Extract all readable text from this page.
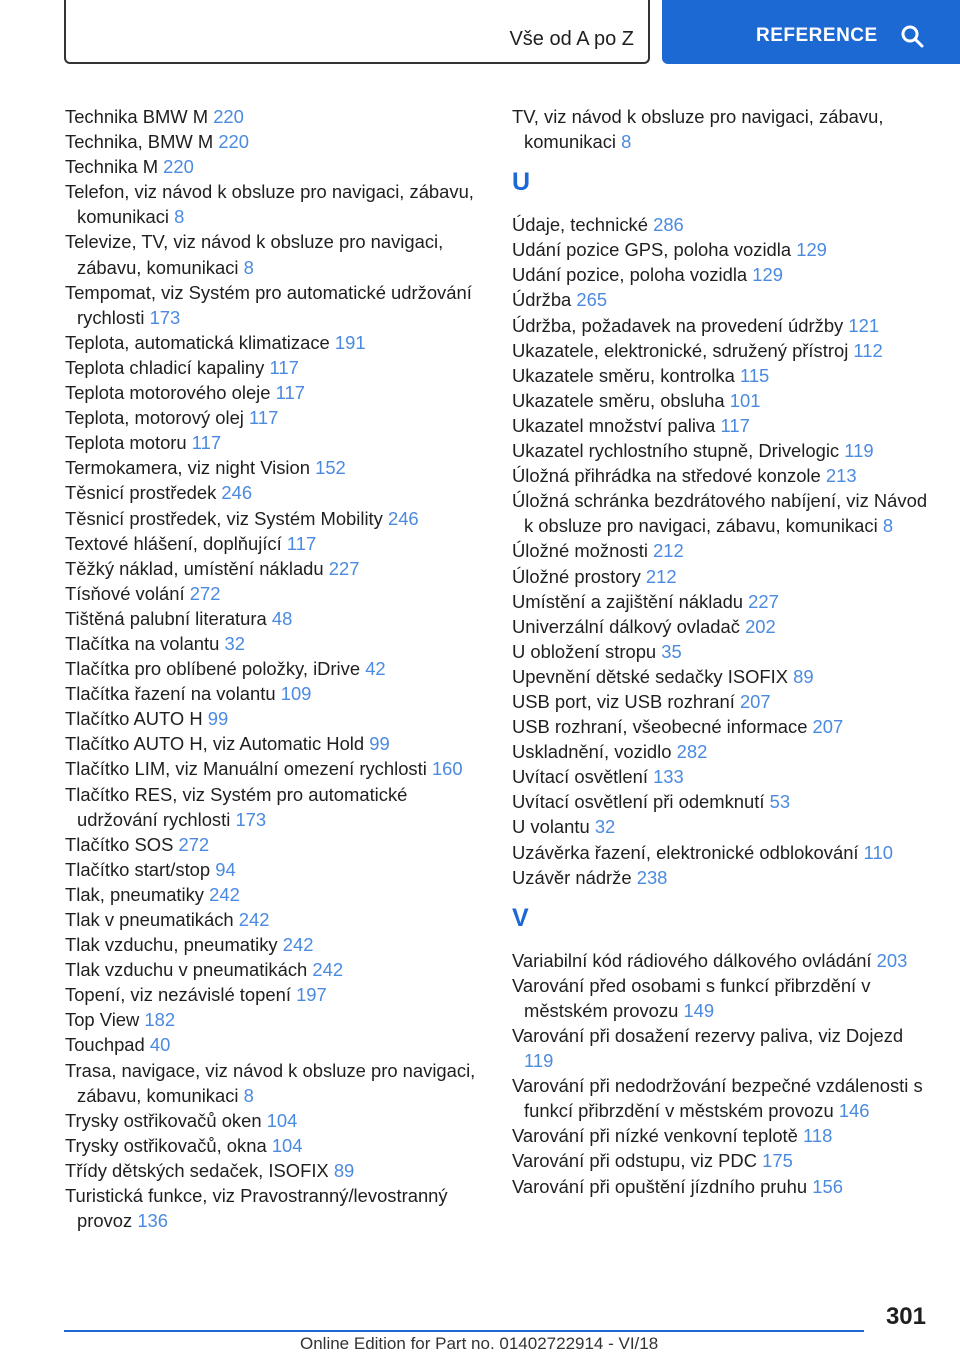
Vše od A po Z	REFERENCE
Technika BMW M 220
Technika, BMW M 220
Technika M 220
Telefon, viz návod k obsluze pro navigaci, zábavu, komunikaci 8
Televize, TV, viz návod k obsluze pro navigaci, zábavu, komunikaci 8
Tempomat, viz Systém pro automatické udržování rychlosti 173
Teplota, automatická klimatizace 191
Teplota chladicí kapaliny 117
Teplota motorového oleje 117
Teplota, motorový olej 117
Teplota motoru 117
Termokamera, viz night Vision 152
Těsnicí prostředek 246
Těsnicí prostředek, viz Systém Mobility 246
Textové hlášení, doplňující 117
Těžký náklad, umístění nákladu 227
Tísňové volání 272
Tištěná palubní literatura 48
Tlačítka na volantu 32
Tlačítka pro oblíbené položky, iDrive 42
Tlačítka řazení na volantu 109
Tlačítko AUTO H 99
Tlačítko AUTO H, viz Automatic Hold 99
Tlačítko LIM, viz Manuální omezení rychlosti 160
Tlačítko RES, viz Systém pro automatické udržování rychlosti 173
Tlačítko SOS 272
Tlačítko start/stop 94
Tlak, pneumatiky 242
Tlak v pneumatikách 242
Tlak vzduchu, pneumatiky 242
Tlak vzduchu v pneumatikách 242
Topení, viz nezávislé topení 197
Top View 182
Touchpad 40
Trasa, navigace, viz návod k obsluze pro navigaci, zábavu, komunikaci 8
Trysky ostřikovačů oken 104
Trysky ostřikovačů, okna 104
Třídy dětských sedaček, ISOFIX 89
Turistická funkce, viz Pravostranný/levostranný provoz 136
TV, viz návod k obsluze pro navigaci, zábavu, komunikaci 8
U
Údaje, technické 286
Udání pozice GPS, poloha vozidla 129
Udání pozice, poloha vozidla 129
Údržba 265
Údržba, požadavek na provedení údržby 121
Ukazatele, elektronické, sdružený přístroj 112
Ukazatele směru, kontrolka 115
Ukazatele směru, obsluha 101
Ukazatel množství paliva 117
Ukazatel rychlostního stupně, Drivelogic 119
Úložná přihrádka na středové konzole 213
Úložná schránka bezdrátového nabíjení, viz Návod k obsluze pro navigaci, zábavu, komunikaci 8
Úložné možnosti 212
Úložné prostory 212
Umístění a zajištění nákladu 227
Univerzální dálkový ovladač 202
U obložení stropu 35
Upevnění dětské sedačky ISOFIX 89
USB port, viz USB rozhraní 207
USB rozhraní, všeobecné informace 207
Uskladnění, vozidlo 282
Uvítací osvětlení 133
Uvítací osvětlení při odemknutí 53
U volantu 32
Uzávěrka řazení, elektronické odblokování 110
Uzávěr nádrže 238
V
Variabilní kód rádiového dálkového ovládání 203
Varování před osobami s funkcí přibrzdění v městském provozu 149
Varování při dosažení rezervy paliva, viz Dojezd 119
Varování při nedodržování bezpečné vzdálenosti s funkcí přibrzdění v městském provozu 146
Varování při nízké venkovní teplotě 118
Varování při odstupu, viz PDC 175
Varování při opuštění jízdního pruhu 156
301
Online Edition for Part no. 01402722914 - VI/18
